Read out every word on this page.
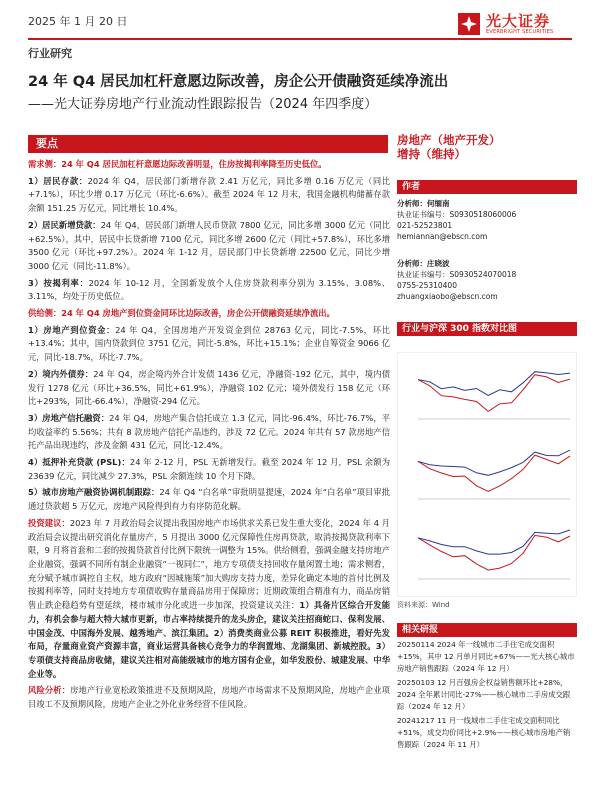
2025 年 1 月 20 日	光大证券
EVERBRIGHT SECURITIES
行业研究
24 年 Q4 居民加杠杆意愿边际改善，房企公开债融资延续净流出
——光大证券房地产行业流动性跟踪报告（2024 年四季度）
要点

需求侧：24 年 Q4 居民加杠杆意愿边际改善明显，住房按揭利率降至历史低位。

1）居民存款：2024 年 Q4，居民部门新增存款 2.41 万亿元，同比多增 0.16 万亿元（同比+7.1%），环比少增 0.17 万亿元（环比-6.6%）。截至 2024 年 12 月末，我国金融机构储蓄存款余额 151.25 万亿元，同比增长 10.4%。

2）居民新增贷款：24 年 Q4，居民部门新增人民币贷款 7800 亿元，同比多增 3000 亿元（同比+62.5%），其中，居民中长贷新增 7100 亿元，同比多增 2600 亿元（同比+57.8%），环比多增 3500 亿元（环比+97.2%）。2024 年 1-12 月，居民部门中长贷新增 22500 亿元，同比少增 3000 亿元（同比-11.8%）。

3）按揭利率：2024 年 10-12 月，全国新发放个人住房贷款利率分别为 3.15%、3.08%、3.11%，均处于历史低位。

供给侧：24 年 Q4 房地产到位资金同环比边际改善，房企公开债融资延续净流出。

1）房地产到位资金：24 年 Q4，全国房地产开发资金到位 28763 亿元，同比-7.5%，环比+13.4%；其中，国内贷款到位 3751 亿元，同比-5.8%，环比+15.1%；企业自筹资金 9066 亿元，同比-18.7%，环比-7.7%。

2）境内外债券：24 年 Q4，房企境内外合计发债 1436 亿元，净融资-192 亿元，其中，境内债发行 1278 亿元（环比+36.5%，同比+61.9%），净融资 102 亿元；境外债发行 158 亿元（环比+293%，同比-66.4%），净融资-294 亿元。

3）房地产信托融资：24 年 Q4，房地产集合信托成立 1.3 亿元，同比-96.4%，环比-76.7%，平均收益率约 5.56%；共有 8 款房地产信托产品违约，涉及 72 亿元。2024 年共有 57 款房地产信托产品出现违约，涉及金额 431 亿元，同比-12.4%。

4）抵押补充贷款 (PSL)：24 年 2-12 月，PSL 无新增发行。截至 2024 年 12 月，PSL 余额为 23639 亿元，同比减少 27.3%，PSL 余额连续 10 个月下降。

5）城市房地产融资协调机制跟踪：24 年 Q4 “白名单”审批明显提速，2024 年“白名单”项目审批通过贷款超 5 万亿元，房地产风险得到有力有序防范化解。

投资建议：2023 年 7 月政治局会议提出我国房地产市场供求关系已发生重大变化，2024 年 4 月政治局会议提出研究消化存量房产，5 月提出 3000 亿元保障性住房再贷款，取消按揭贷款利率下限，9 月将首套和二套的按揭贷款首付比例下限统一调整为 15%。供给侧看，强调金融支持房地产企业融资，强调不同所有制企业融资“一视同仁”，地方专项债支持回收存量闲置土地；需求侧看，充分赋予城市调控自主权，地方政府“因城施策”加大购房支持力度，差异化确定本地的首付比例及按揭利率等，同时支持地方专项债收购存量商品房用于保障房；近期政策组合精准有力，商品房销售止跌企稳趋势有望延续，楼市城市分化或进一步加深，投资建议关注：1）具备片区综合开发能力，有机会参与超大特大城市更新，市占率持续提升的龙头房企，建议关注招商蛇口、保利发展、中国金茂、中国海外发展、越秀地产、滨江集团。2）消费类商业公募 REIT 积极推进，看好先发布局，存量商业资产资源丰富，商业运营具备核心竞争力的华润置地、龙湖集团、新城控股。3）专项债支持商品房收储，建议关注相对高能级城市的地方国有企业，如华发股份、城建发展、中华企业等。

风险分析：房地产行业宽松政策推进不及预期风险，房地产市场需求不及预期风险，房地产企业项目竣工不及预期风险，房地产企业之外化业务经营不佳风险。

房地产（地产开发）
增持（维持）
作者
分析师：何缅南
执业证书编号：S0930518060006
021-52523801
hemiannan@ebscn.com
分析师：庄晓波
执业证书编号：S0930524070018
0755-25310400
zhuangxiaobo@ebscn.com
行业与沪深 300 指数对比图
资料来源：Wind
相关研报
20250114 2024 年一线城市二手住宅成交面积+15%，其中 12 月单月同比+67%——光大核心城市房地产销售跟踪（2024 年 12 月）
20250103 12 月百强房企权益销售额环比+28%，2024 全年累计同比-27%——核心城市二手房成交跟踪（2024 年 12 月）
20241217 11 月一线城市二手住宅成交面积同比+51%，成交均价同比+2.9%——核心城市房地产销售跟踪（2024 年 11 月）
